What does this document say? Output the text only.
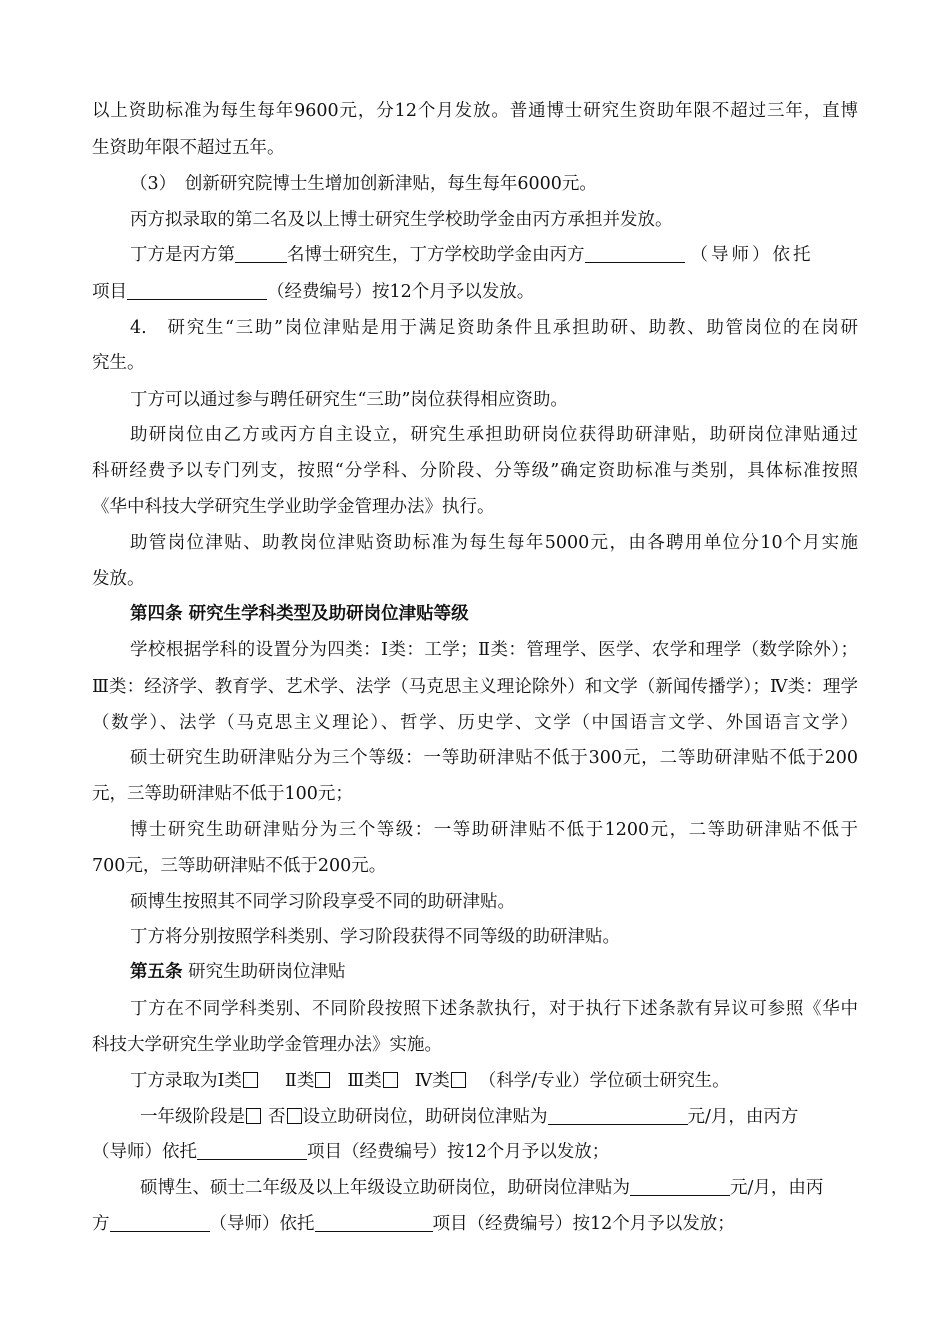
以上资助标准为每生每年9600元，分12个月发放。普通博士研究生资助年限不超过三年，直博
生资助年限不超过五年。
（3）　创新研究院博士生增加创新津贴，每生每年6000元。
丙方拟录取的第二名及以上博士研究生学校助学金由丙方承担并发放。
丁方是丙方第	名博士研究生，丁方学校助学金由丙方	（导师）依托
项目	（经费编号）按12个月予以发放。
4.　研究生“三助”岗位津贴是用于满足资助条件且承担助研、助教、助管岗位的在岗研
究生。
丁方可以通过参与聘任研究生“三助”岗位获得相应资助。
助研岗位由乙方或丙方自主设立，研究生承担助研岗位获得助研津贴，助研岗位津贴通过
科研经费予以专门列支，按照“分学科、分阶段、分等级”确定资助标准与类别，具体标准按照
《华中科技大学研究生学业助学金管理办法》执行。
助管岗位津贴、助教岗位津贴资助标准为每生每年5000元，由各聘用单位分10个月实施
发放。
第四条 研究生学科类型及助研岗位津贴等级
学校根据学科的设置分为四类：Ⅰ类：工学；Ⅱ类：管理学、医学、农学和理学（数学除外）；
Ⅲ类：经济学、教育学、艺术学、法学（马克思主义理论除外）和文学（新闻传播学）；Ⅳ类：理学
（数学）、法学（马克思主义理论）、哲学、历史学、文学（中国语言文学、外国语言文学）
硕士研究生助研津贴分为三个等级：一等助研津贴不低于300元，二等助研津贴不低于200
元，三等助研津贴不低于100元；
博士研究生助研津贴分为三个等级：一等助研津贴不低于1200元，二等助研津贴不低于
700元，三等助研津贴不低于200元。
硕博生按照其不同学习阶段享受不同的助研津贴。
丁方将分别按照学科类别、学习阶段获得不同等级的助研津贴。
第五条 研究生助研岗位津贴
丁方在不同学科类别、不同阶段按照下述条款执行，对于执行下述条款有异议可参照《华中
科技大学研究生学业助学金管理办法》实施。
丁方录取为Ⅰ类 Ⅱ类 Ⅲ类 Ⅳ类 （科学/专业）学位硕士研究生。
一年级阶段是 否 设立助研岗位，助研岗位津贴为	元/月，由丙方
（导师）依托	项目（经费编号）按12个月予以发放；
硕博生、硕士二年级及以上年级设立助研岗位，助研岗位津贴为	元/月，由丙
方	（导师）依托	项目（经费编号）按12个月予以发放；
